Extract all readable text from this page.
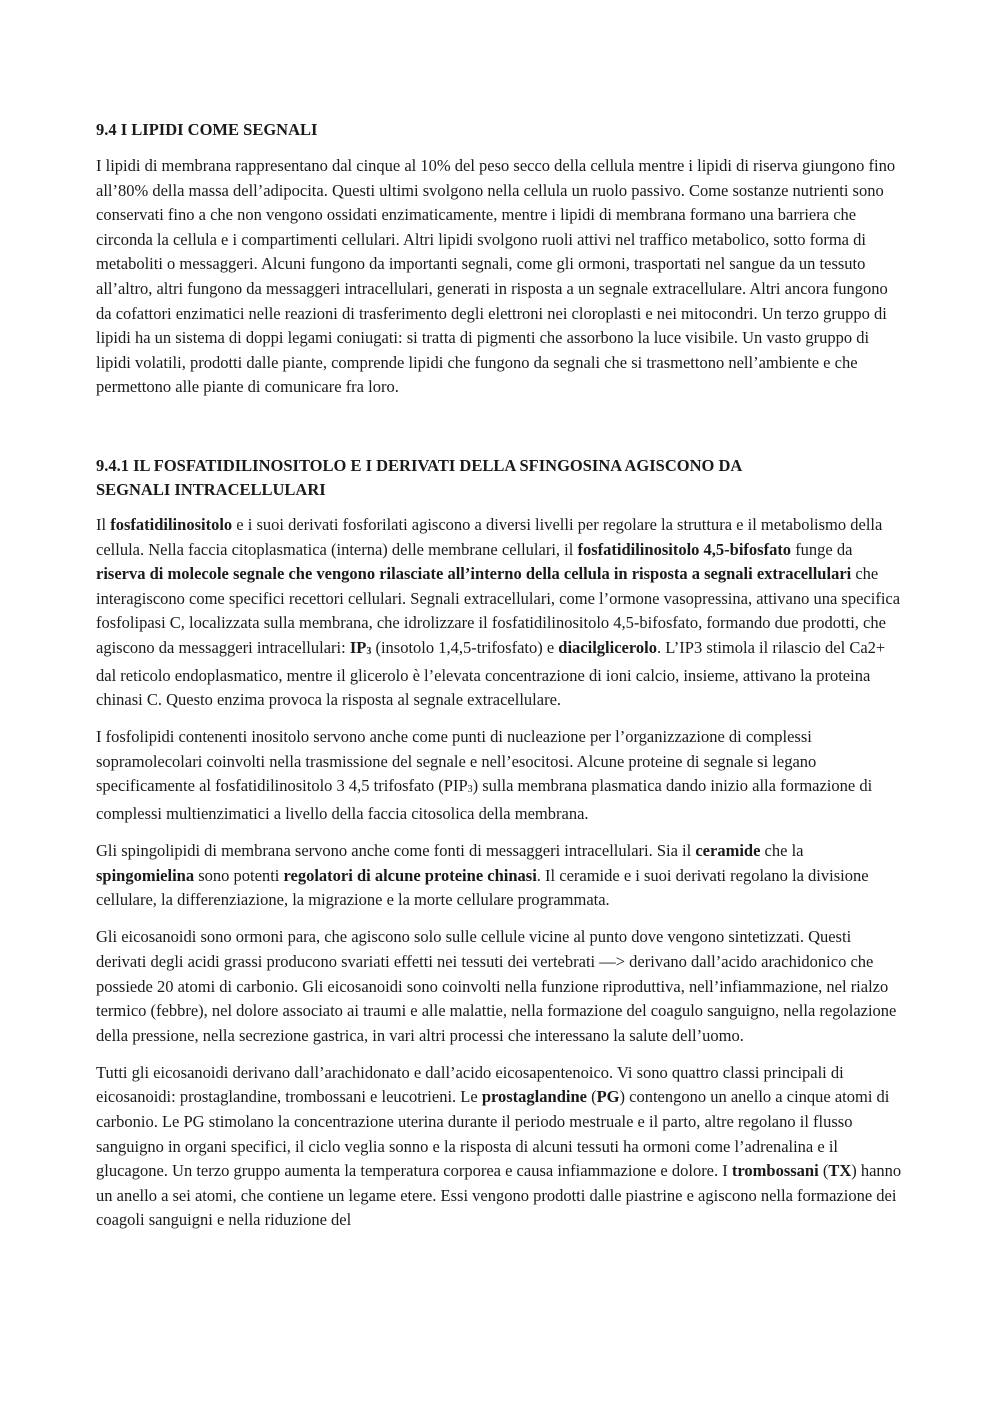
9.4 I LIPIDI COME SEGNALI

I lipidi di membrana rappresentano dal cinque al 10% del peso secco della cellula mentre i lipidi di riserva giungono fino all’80% della massa dell’adipocita. Questi ultimi svolgono nella cellula un ruolo passivo. Come sostanze nutrienti sono conservati fino a che non vengono ossidati enzimaticamente, mentre i lipidi di membrana formano una barriera che circonda la cellula e i compartimenti cellulari. Altri lipidi svolgono ruoli attivi nel traffico metabolico, sotto forma di metaboliti o messaggeri. Alcuni fungono da importanti segnali, come gli ormoni, trasportati nel sangue da un tessuto all’altro, altri fungono da messaggeri intracellulari, generati in risposta a un segnale extracellulare. Altri ancora fungono da cofattori enzimatici nelle reazioni di trasferimento degli elettroni nei cloroplasti e nei mitocondri. Un terzo gruppo di lipidi ha un sistema di doppi legami coniugati: si tratta di pigmenti che assorbono la luce visibile. Un vasto gruppo di lipidi volatili, prodotti dalle piante, comprende lipidi che fungono da segnali che si trasmettono nell’ambiente e che permettono alle piante di comunicare fra loro.

9.4.1 IL FOSFATIDILINOSITOLO E I DERIVATI DELLA SFINGOSINA AGISCONO DA
SEGNALI INTRACELLULARI

Il fosfatidilinositolo e i suoi derivati fosforilati agiscono a diversi livelli per regolare la struttura e il metabolismo della cellula. Nella faccia citoplasmatica (interna) delle membrane cellulari, il fosfatidilinositolo 4,5-bifosfato funge da riserva di molecole segnale che vengono rilasciate all’interno della cellula in risposta a segnali extracellulari che interagiscono come specifici recettori cellulari. Segnali extracellulari, come l’ormone vasopressina, attivano una specifica fosfolipasi C, localizzata sulla membrana, che idrolizzare il fosfatidilinositolo 4,5-bifosfato, formando due prodotti, che agiscono da messaggeri intracellulari: $IP_3$ (insotolo 1,4,5-trifosfato) e diacilglicerolo. L’IP3 stimola il rilascio del Ca2+ dal reticolo endoplasmatico, mentre il glicerolo è l’elevata concentrazione di ioni calcio, insieme, attivano la proteina chinasi C. Questo enzima provoca la risposta al segnale extracellulare.

I fosfolipidi contenenti inositolo servono anche come punti di nucleazione per l’organizzazione di complessi sopramolecolari coinvolti nella trasmissione del segnale e nell’esocitosi. Alcune proteine di segnale si legano specificamente al fosfatidilinositolo 3 4,5 trifosfato $(PIP_3)$ sulla membrana plasmatica dando inizio alla formazione di complessi multienzimatici a livello della faccia citosolica della membrana.

Gli spingolipidi di membrana servono anche come fonti di messaggeri intracellulari. Sia il ceramide che la spingomielina sono potenti regolatori di alcune proteine chinasi. Il ceramide e i suoi derivati regolano la divisione cellulare, la differenziazione, la migrazione e la morte cellulare programmata.

Gli eicosanoidi sono ormoni para, che agiscono solo sulle cellule vicine al punto dove vengono sintetizzati. Questi derivati degli acidi grassi producono svariati effetti nei tessuti dei vertebrati —> derivano dall’acido arachidonico che possiede 20 atomi di carbonio. Gli eicosanoidi sono coinvolti nella funzione riproduttiva, nell’infiammazione, nel rialzo termico (febbre), nel dolore associato ai traumi e alle malattie, nella formazione del coagulo sanguigno, nella regolazione della pressione, nella secrezione gastrica, in vari altri processi che interessano la salute dell’uomo.

Tutti gli eicosanoidi derivano dall’arachidonato e dall’acido eicosapentenoico. Vi sono quattro classi principali di eicosanoidi: prostaglandine, trombossani e leucotrieni. Le prostaglandine (PG) contengono un anello a cinque atomi di carbonio. Le PG stimolano la concentrazione uterina durante il periodo mestruale e il parto, altre regolano il flusso sanguigno in organi specifici, il ciclo veglia sonno e la risposta di alcuni tessuti ha ormoni come l’adrenalina e il glucagone. Un terzo gruppo aumenta la temperatura corporea e causa infiammazione e dolore. I trombossani (TX) hanno un anello a sei atomi, che contiene un legame etere. Essi vengono prodotti dalle piastrine e agiscono nella formazione dei coagoli sanguigni e nella riduzione del
